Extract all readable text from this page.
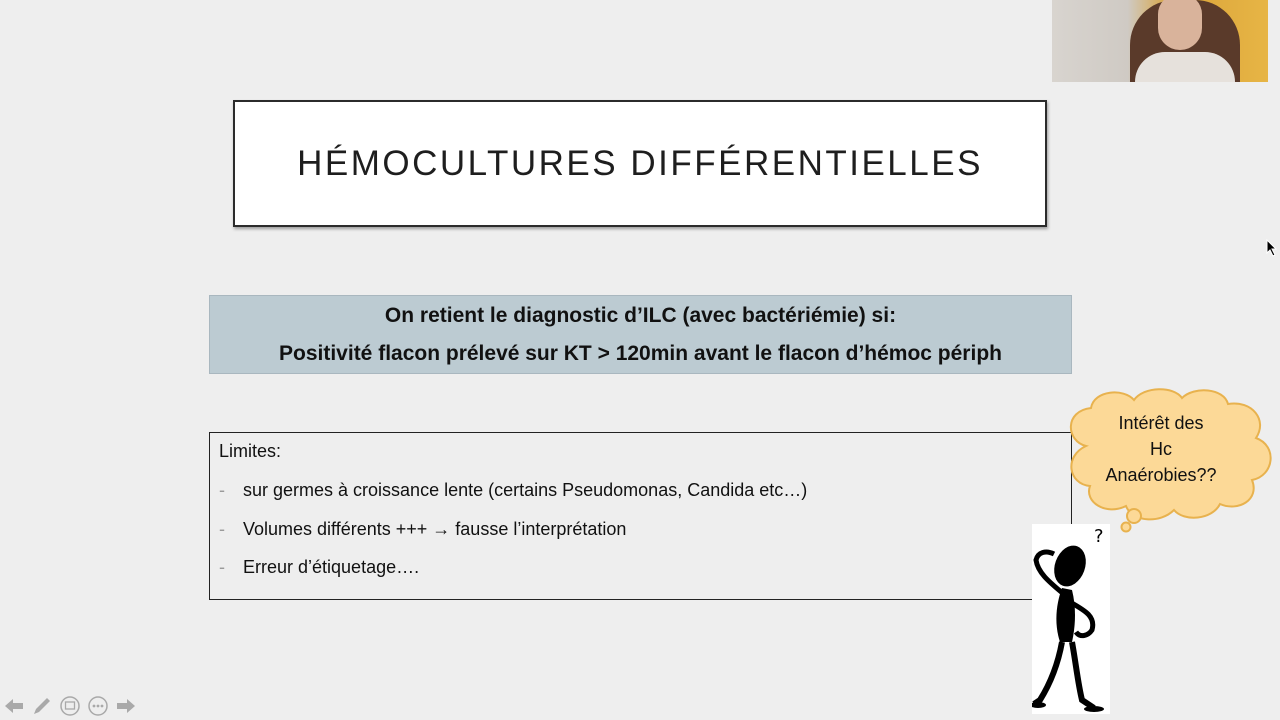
HÉMOCULTURES DIFFÉRENTIELLES
On retient le diagnostic d’ILC (avec bactériémie) si:
Positivité flacon prélevé sur KT > 120min avant le flacon d’hémoc périph
Limites:
-	sur germes à croissance lente (certains Pseudomonas, Candida etc…)
-	Volumes différents +++ → fausse l’interprétation
-	Erreur d’étiquetage….
Intérêt des
Hc
Anaérobies??
?
